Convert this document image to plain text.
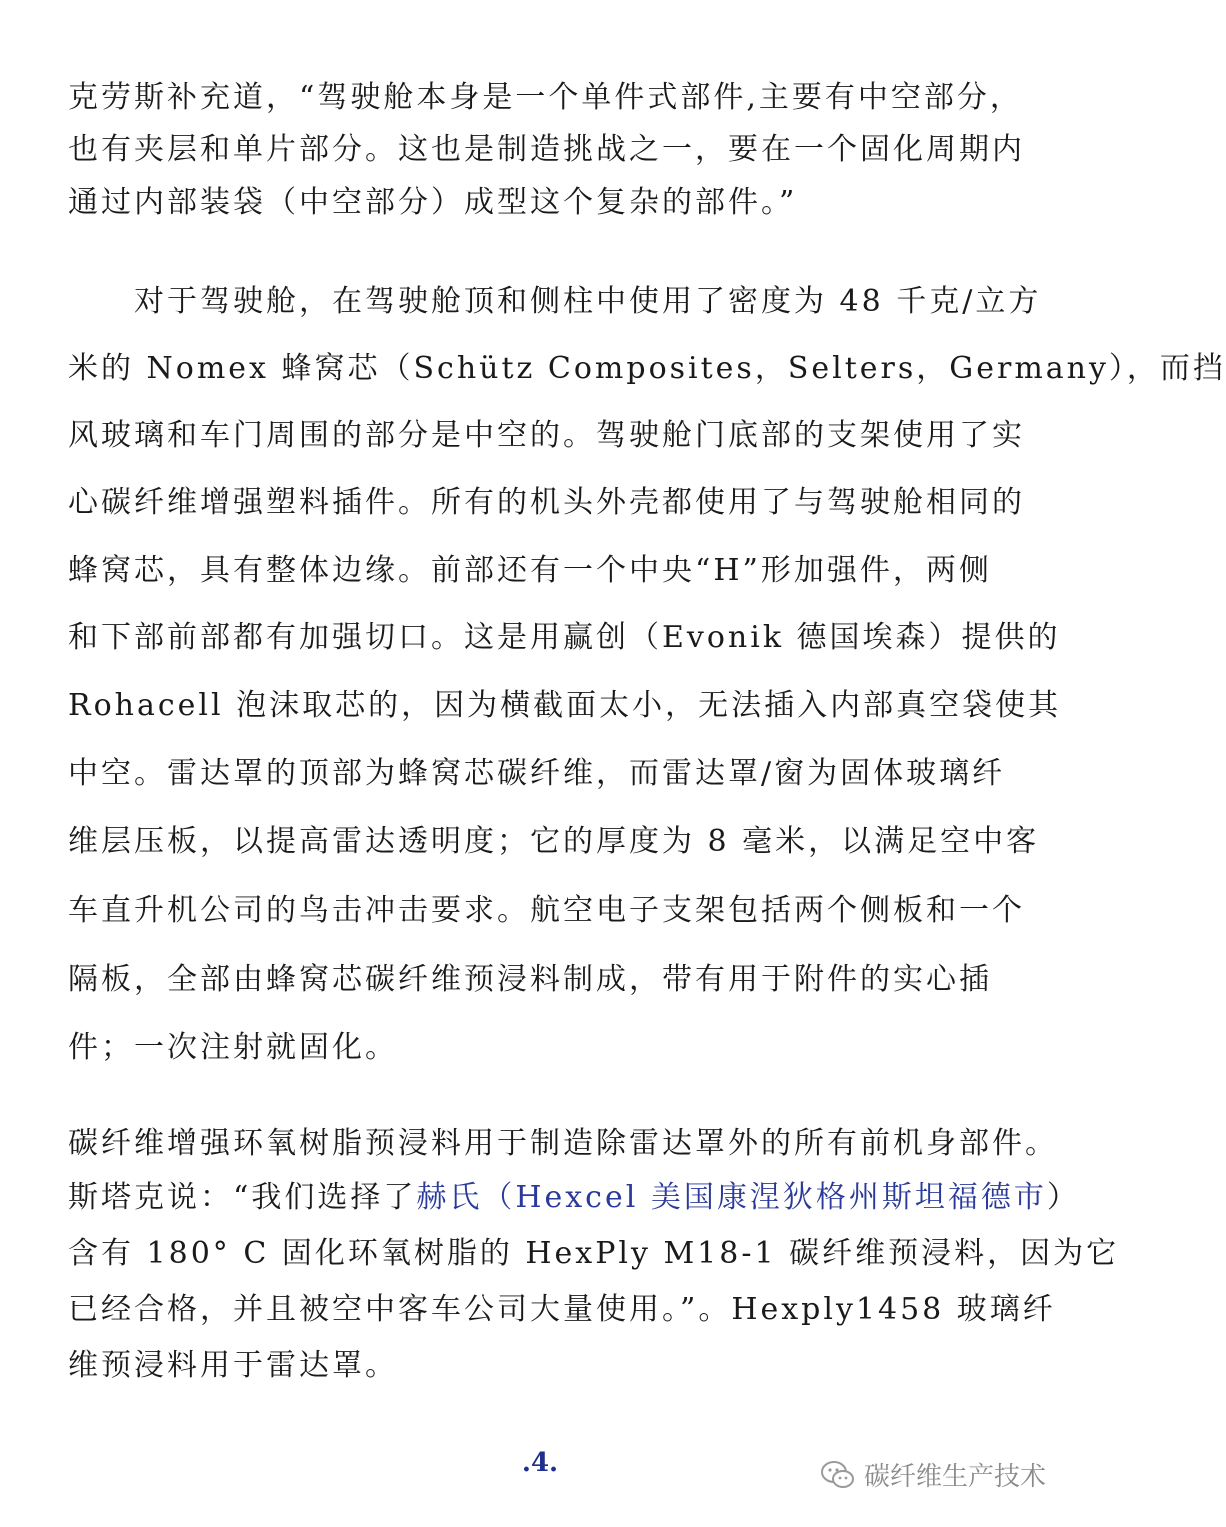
克劳斯补充道，“驾驶舱本身是一个单件式部件,主要有中空部分，
也有夹层和单片部分。这也是制造挑战之一，要在一个固化周期内
通过内部装袋（中空部分）成型这个复杂的部件。”
对于驾驶舱，在驾驶舱顶和侧柱中使用了密度为 48 千克/立方
米的 Nomex 蜂窝芯（Schütz Composites，Selters，Germany），而挡
风玻璃和车门周围的部分是中空的。驾驶舱门底部的支架使用了实
心碳纤维增强塑料插件。所有的机头外壳都使用了与驾驶舱相同的
蜂窝芯，具有整体边缘。前部还有一个中央“H”形加强件，两侧
和下部前部都有加强切口。这是用赢创（Evonik 德国埃森）提供的
Rohacell 泡沫取芯的，因为横截面太小，无法插入内部真空袋使其
中空。雷达罩的顶部为蜂窝芯碳纤维，而雷达罩/窗为固体玻璃纤
维层压板，以提高雷达透明度；它的厚度为 8 毫米，以满足空中客
车直升机公司的鸟击冲击要求。航空电子支架包括两个侧板和一个
隔板，全部由蜂窝芯碳纤维预浸料制成，带有用于附件的实心插
件；一次注射就固化。
碳纤维增强环氧树脂预浸料用于制造除雷达罩外的所有前机身部件。
斯塔克说：“我们选择了赫氏（Hexcel 美国康涅狄格州斯坦福德市）
含有 180° C 固化环氧树脂的 HexPly M18-1 碳纤维预浸料，因为它
已经合格，并且被空中客车公司大量使用。”。Hexply1458 玻璃纤
维预浸料用于雷达罩。
.4.	碳纤维生产技术
